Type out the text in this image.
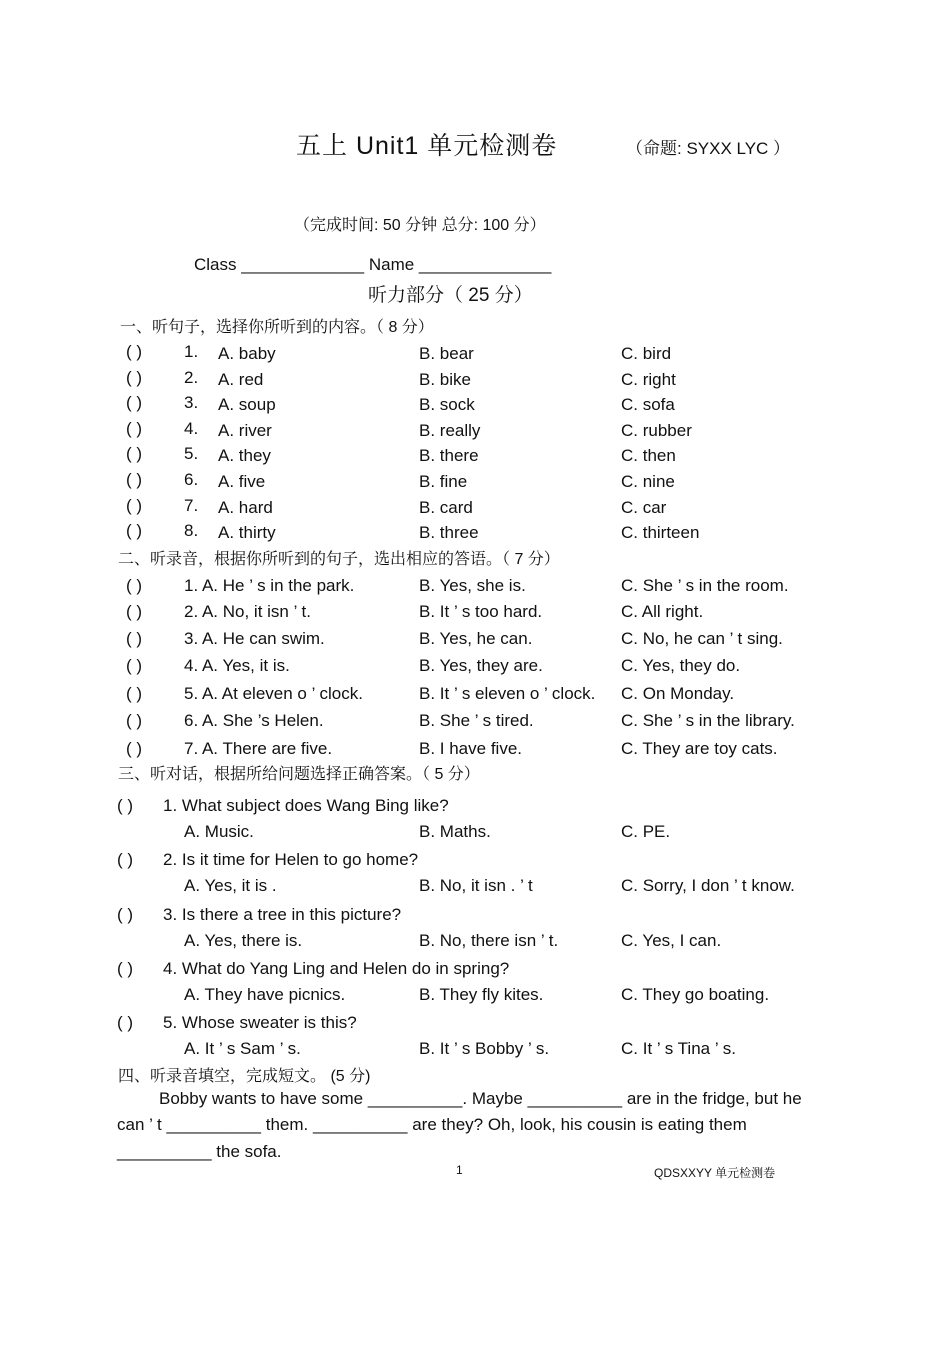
五上 Unit1 单元检测卷	（命题: SYXX LYC ）
（完成时间: 50 分钟 总分: 100 分）
Class _____________ Name ______________
听力部分（ 25 分）
一、听句子，选择你所听到的内容。（ 8 分）
( ) 1. A. baby	B. bear	C. bird
( ) 2. A. red	B. bike	C. right
( ) 3. A. soup	B. sock	C. sofa
( ) 4. A. river	B. really	C. rubber
( ) 5. A. they	B. there	C. then
( ) 6. A. five	B. fine	C. nine
( ) 7. A. hard	B. card	C. car
( ) 8. A. thirty	B. three	C. thirteen
二、听录音，根据你所听到的句子，选出相应的答语。（ 7 分）
( ) 1. A. He ’ s in the park.	B. Yes, she is.	C. She ’ s in the room.
( ) 2. A. No, it isn ’ t.	B. It ’ s too hard.	C. All right.
( ) 3. A. He can swim.	B. Yes, he can.	C. No, he can ’ t sing.
( ) 4. A. Yes, it is.	B. Yes, they are.	C. Yes, they do.
( ) 5. A. At eleven o ’ clock.	B. It ’ s eleven o ’ clock. C. On Monday.
( ) 6. A. She ’s Helen.	B. She ’ s tired.	C. She ’ s in the library.
( ) 7. A. There are five.	B. I have five.	C. They are toy cats.
三、听对话，根据所给问题选择正确答案。（ 5 分）
( ) 1. What subject does Wang Bing like?
A. Music.	B. Maths.	C. PE.
( ) 2. Is it time for Helen to go home?
A. Yes, it is .	B. No, it isn . ’ t	C. Sorry, I don ’ t know.
( ) 3. Is there a tree in this picture?
A. Yes, there is.	B. No, there isn ’ t.	C. Yes, I can.
( ) 4. What do Yang Ling and Helen do in spring?
A. They have picnics.	B. They fly kites.	C. They go boating.
( ) 5. Whose sweater is this?
A. It ’ s Sam ’ s.	B. It ’ s Bobby ’ s.	C. It ’ s Tina ’ s.
四、听录音填空，完成短文。 (5 分)
Bobby wants to have some __________. Maybe __________ are in the fridge, but he
can ’ t __________ them. __________ are they? Oh, look, his cousin is eating them
__________ the sofa.
1	QDSXXYY 单元检测卷
